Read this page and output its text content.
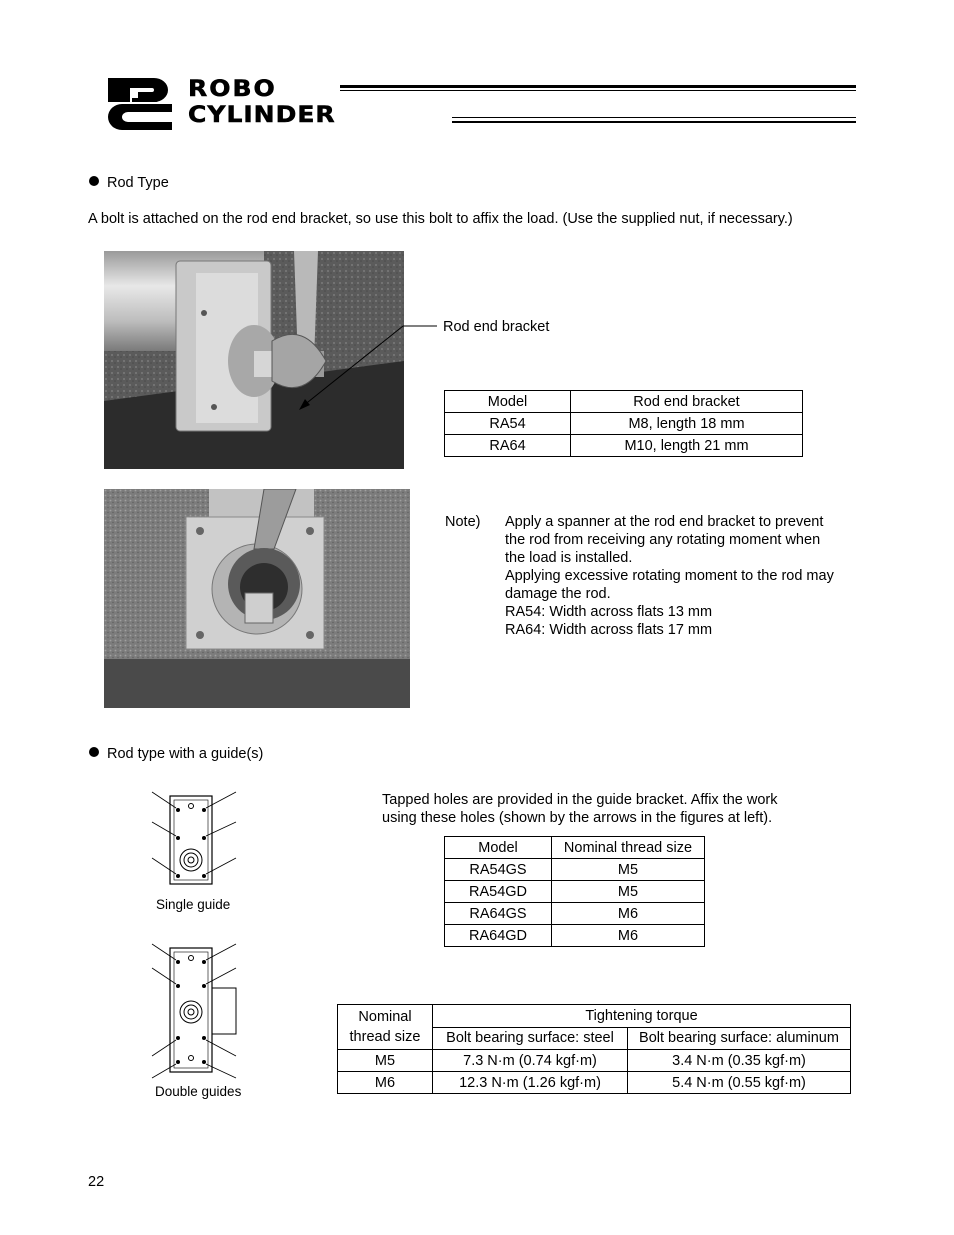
ROBO
CYLINDER
Rod Type
A bolt is attached on the rod end bracket, so use this bolt to affix the load. (Use the supplied nut, if necessary.)
Rod end bracket
Model	Rod end bracket
RA54	M8, length 18 mm
RA64	M10, length 21 mm
Note) Apply a spanner at the rod end bracket to prevent
the rod from receiving any rotating moment when
the load is installed.
Applying excessive rotating moment to the rod may
damage the rod.
RA54: Width across flats 13 mm
RA64: Width across flats 17 mm
Rod type with a guide(s)
Single guide
Double guides
Tapped holes are provided in the guide bracket. Affix the work
using these holes (shown by the arrows in the figures at left).
Model	Nominal thread size
RA54GS	M5
RA54GD	M5
RA64GS	M6
RA64GD	M6
Nominal thread size	Tightening torque	
	Bolt bearing surface: steel	Bolt bearing surface: aluminum
M5	7.3 N·m (0.74 kgf·m)	3.4 N·m (0.35 kgf·m)
M6	12.3 N·m (1.26 kgf·m)	5.4 N·m (0.55 kgf·m)
22
